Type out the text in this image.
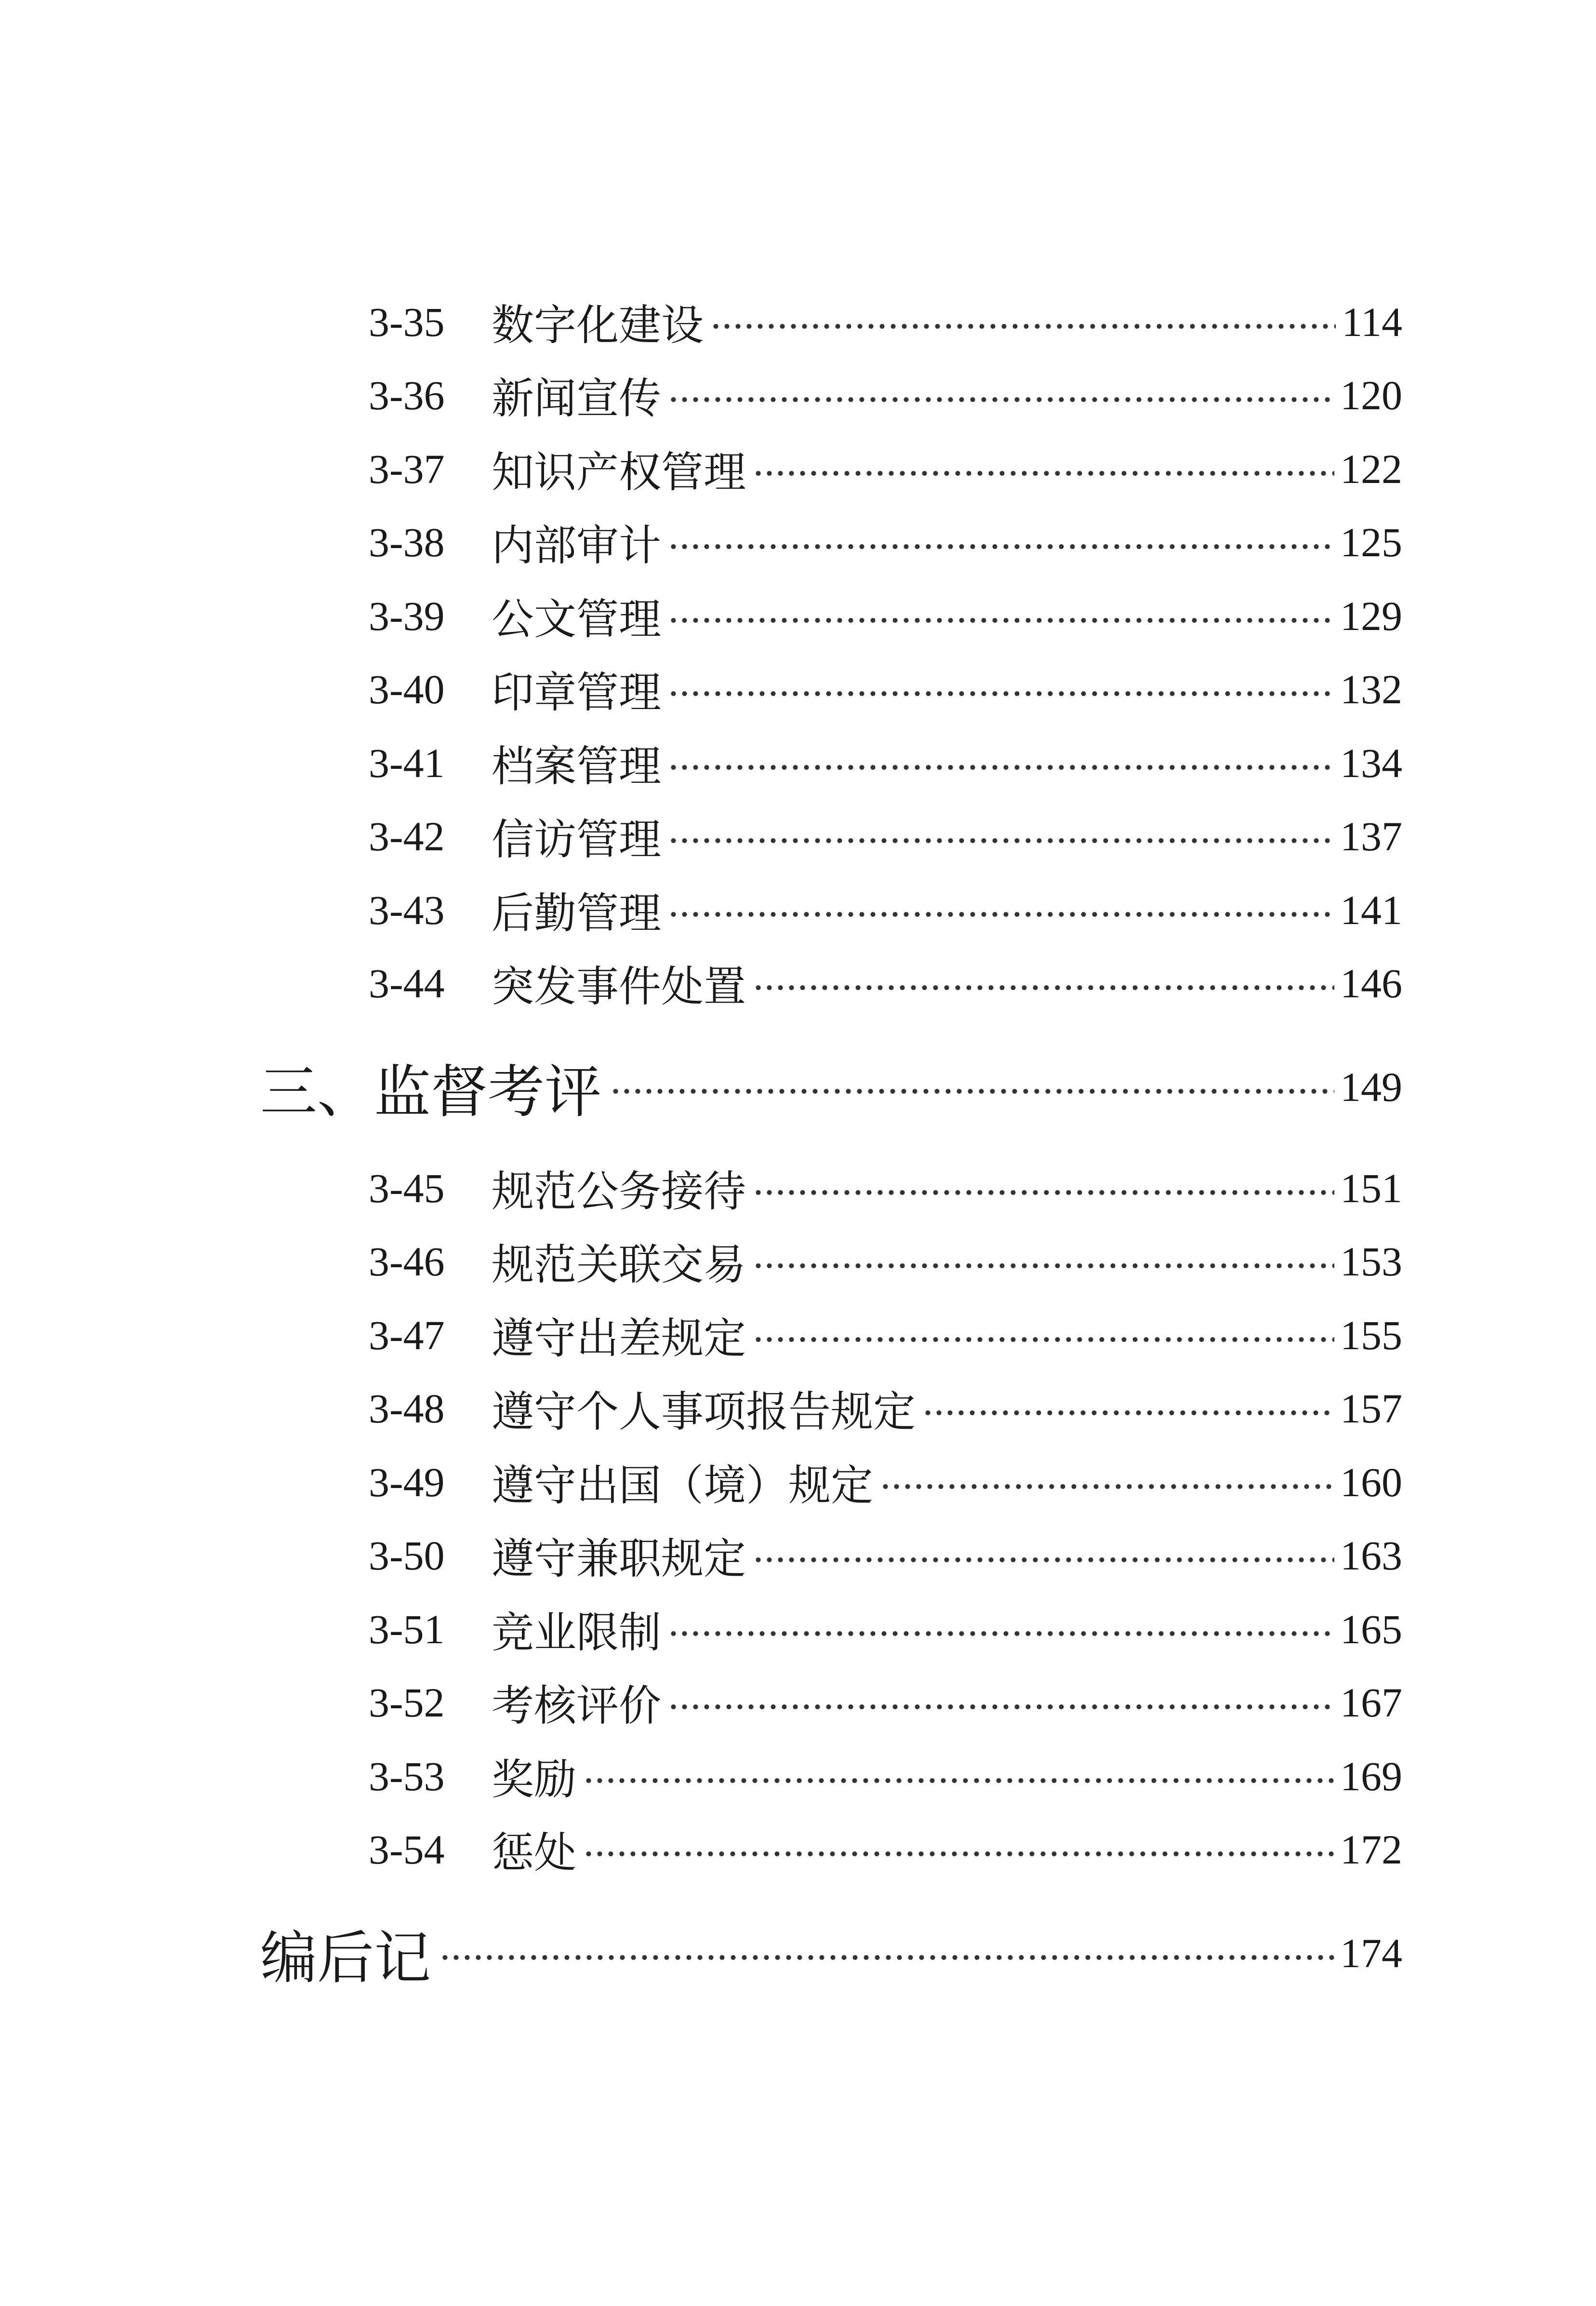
3-35	数字化建设	114
3-36	新闻宣传	120
3-37	知识产权管理	122
3-38	内部审计	125
3-39	公文管理	129
3-40	印章管理	132
3-41	档案管理	134
3-42	信访管理	137
3-43	后勤管理	141
3-44	突发事件处置	146
三、监督考评	149
3-45	规范公务接待	151
3-46	规范关联交易	153
3-47	遵守出差规定	155
3-48	遵守个人事项报告规定	157
3-49	遵守出国（境）规定	160
3-50	遵守兼职规定	163
3-51	竞业限制	165
3-52	考核评价	167
3-53	奖励	169
3-54	惩处	172
编后记	174
